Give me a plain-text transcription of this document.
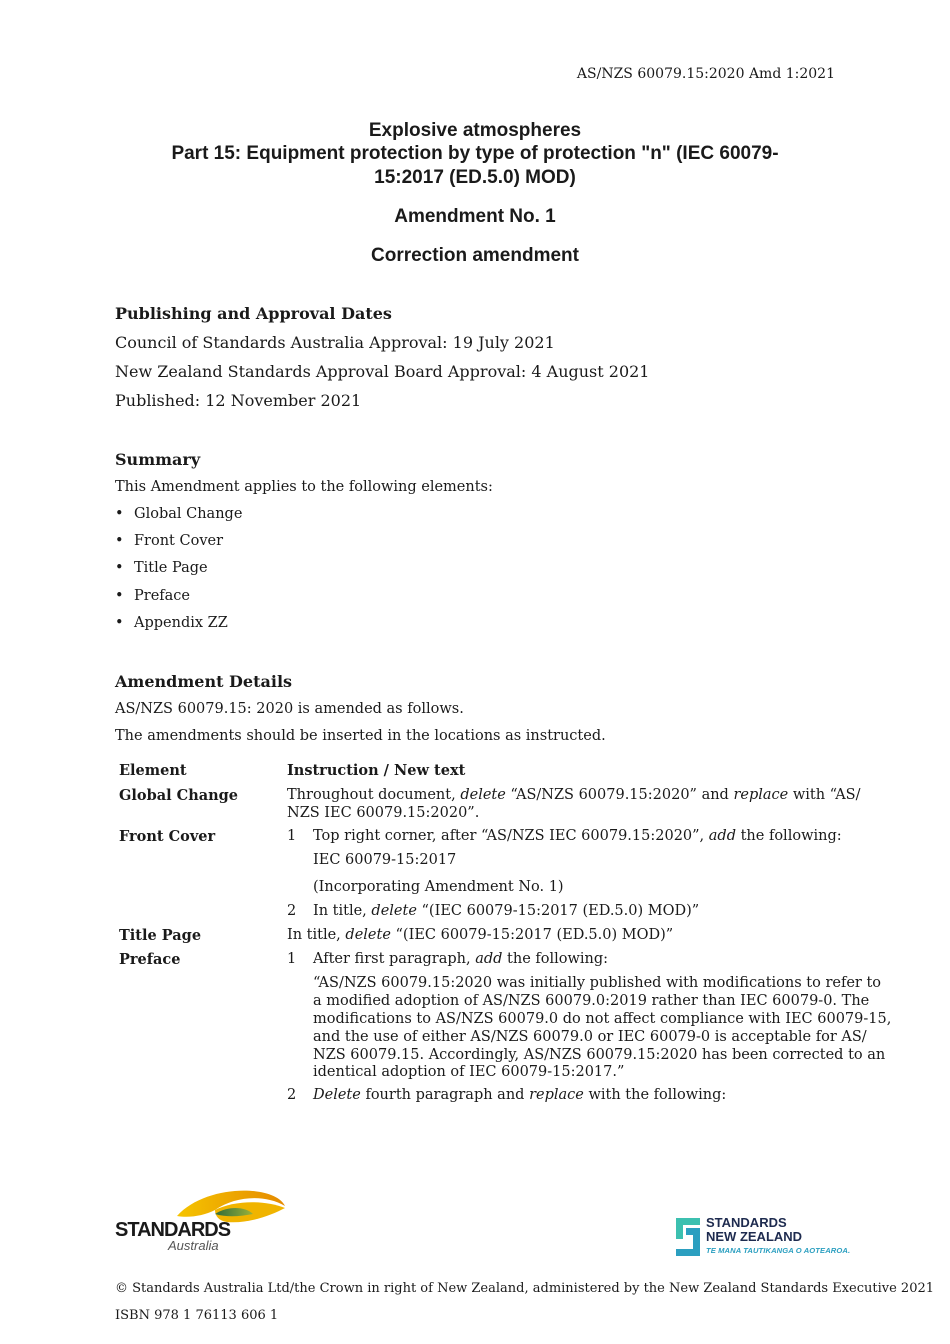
AS/NZS 60079.15:2020 Amd 1:2021
Explosive atmospheres
Part 15: Equipment protection by type of protection "n" (IEC 60079-
15:2017 (ED.5.0) MOD)
Amendment No. 1
Correction amendment
Publishing and Approval Dates
Council of Standards Australia Approval: 19 July 2021
New Zealand Standards Approval Board Approval: 4 August 2021
Published: 12 November 2021
Summary
This Amendment applies to the following elements:
• Global Change
• Front Cover
• Title Page
• Preface
• Appendix ZZ
Amendment Details
AS/NZS 60079.15: 2020 is amended as follows.
The amendments should be inserted in the locations as instructed.
Element	Instruction / New text
Global Change	Throughout document, delete “AS/NZS 60079.15:2020” and replace with “AS/
NZS IEC 60079.15:2020”.
Front Cover	1 Top right corner, after “AS/NZS IEC 60079.15:2020”, add the following:
IEC 60079-15:2017
(Incorporating Amendment No. 1)
2 In title, delete “(IEC 60079-15:2017 (ED.5.0) MOD)”
Title Page	In title, delete “(IEC 60079-15:2017 (ED.5.0) MOD)”
Preface	1 After first paragraph, add the following:
“AS/NZS 60079.15:2020 was initially published with modifications to refer to
a modified adoption of AS/NZS 60079.0:2019 rather than IEC 60079-0. The
modifications to AS/NZS 60079.0 do not affect compliance with IEC 60079-15,
and the use of either AS/NZS 60079.0 or IEC 60079-0 is acceptable for AS/
NZS 60079.15. Accordingly, AS/NZS 60079.15:2020 has been corrected to an
identical adoption of IEC 60079-15:2017.”
2 Delete fourth paragraph and replace with the following:
STANDARDS
Australia
STANDARDS
NEW ZEALAND
TE MANA TAUTIKANGA O AOTEAROA.
© Standards Australia Ltd/the Crown in right of New Zealand, administered by the New Zealand Standards Executive 2021
ISBN 978 1 76113 606 1
